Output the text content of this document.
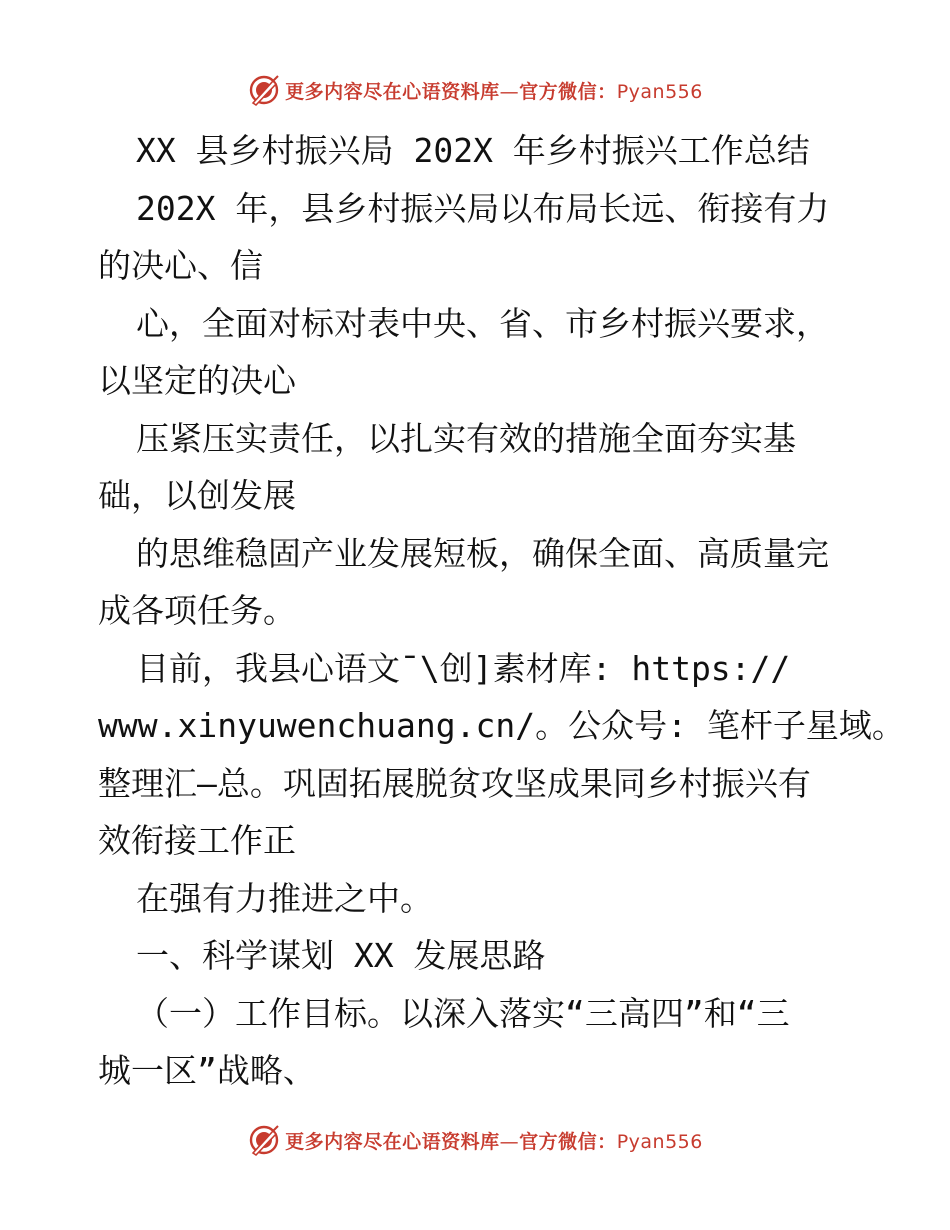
更多内容尽在心语资料库—官方微信：Pyan556

XX 县乡村振兴局 202X 年乡村振兴工作总结

202X 年，县乡村振兴局以布局长远、衔接有力

的决心、信

心，全面对标对表中央、省、市乡村振兴要求，

以坚定的决心

压紧压实责任，以扎实有效的措施全面夯实基

础，以创发展

的思维稳固产业发展短板，确保全面、高质量完

成各项任务。

目前，我县心语文¯\创]素材库: https://

www.xinyuwenchuang.cn/。公众号: 笔杆子星域。

整理汇—总。巩固拓展脱贫攻坚成果同乡村振兴有

效衔接工作正

在强有力推进之中。

一、科学谋划 XX 发展思路

（一）工作目标。以深入落实“三高四”和“三

城一区”战略、

更多内容尽在心语资料库—官方微信：Pyan556
